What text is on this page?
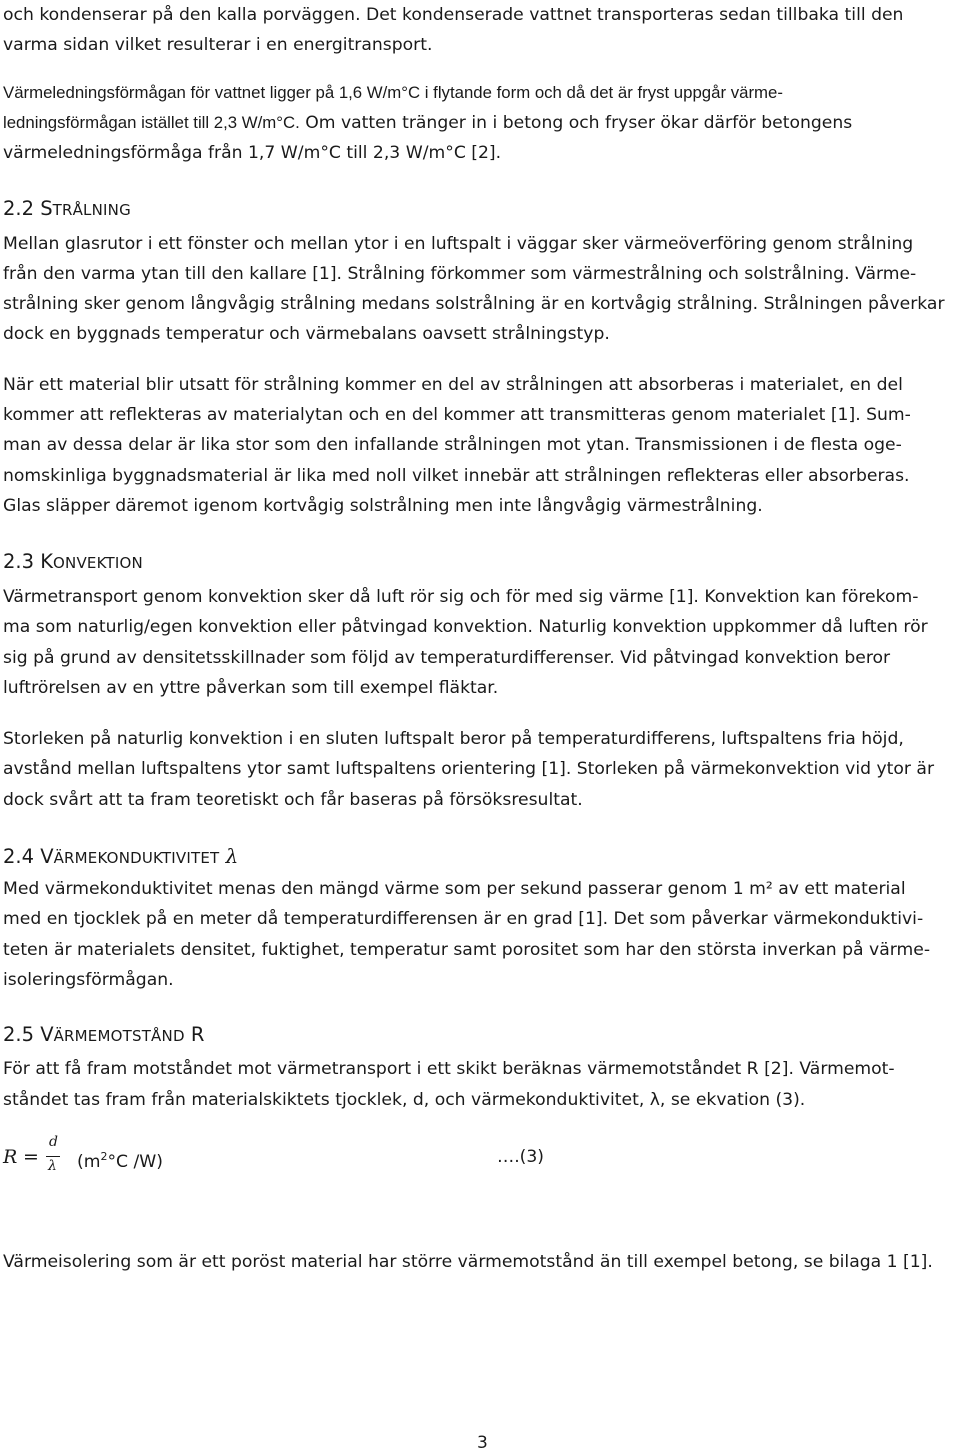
och kondenserar på den kalla porväggen. Det kondenserade vattnet transporteras sedan tillbaka till den
varma sidan vilket resulterar i en energitransport.
Värmeledningsförmågan för vattnet ligger på 1,6 W/m°C i flytande form och då det är fryst uppgår värme-
ledningsförmågan istället till 2,3 W/m°C. Om vatten tränger in i betong och fryser ökar därför betongens
värmeledningsförmåga från 1,7 W/m°C till 2,3 W/m°C [2].
2.2 STRÅLNING
Mellan glasrutor i ett fönster och mellan ytor i en luftspalt i väggar sker värmeöverföring genom strålning
från den varma ytan till den kallare [1]. Strålning förkommer som värmestrålning och solstrålning. Värme-
strålning sker genom långvågig strålning medans solstrålning är en kortvågig strålning. Strålningen påverkar
dock en byggnads temperatur och värmebalans oavsett strålningstyp.
När ett material blir utsatt för strålning kommer en del av strålningen att absorberas i materialet, en del
kommer att reflekteras av materialytan och en del kommer att transmitteras genom materialet [1]. Sum-
man av dessa delar är lika stor som den infallande strålningen mot ytan. Transmissionen i de flesta oge-
nomskinliga byggnadsmaterial är lika med noll vilket innebär att strålningen reflekteras eller absorberas.
Glas släpper däremot igenom kortvågig solstrålning men inte långvågig värmestrålning.
2.3 KONVEKTION
Värmetransport genom konvektion sker då luft rör sig och för med sig värme [1]. Konvektion kan förekom-
ma som naturlig/egen konvektion eller påtvingad konvektion. Naturlig konvektion uppkommer då luften rör
sig på grund av densitetsskillnader som följd av temperaturdifferenser. Vid påtvingad konvektion beror
luftrörelsen av en yttre påverkan som till exempel fläktar.
Storleken på naturlig konvektion i en sluten luftspalt beror på temperaturdifferens, luftspaltens fria höjd,
avstånd mellan luftspaltens ytor samt luftspaltens orientering [1]. Storleken på värmekonvektion vid ytor är
dock svårt att ta fram teoretiskt och får baseras på försöksresultat.
2.4 VÄRMEKONDUKTIVITET λ
Med värmekonduktivitet menas den mängd värme som per sekund passerar genom 1 m² av ett material
med en tjocklek på en meter då temperaturdifferensen är en grad [1]. Det som påverkar värmekonduktivi-
teten är materialets densitet, fuktighet, temperatur samt porositet som har den största inverkan på värme-
isoleringsförmågan.
2.5 VÄRMEMOTSTÅND R
För att få fram motståndet mot värmetransport i ett skikt beräknas värmemotståndet R [2]. Värmemot-
ståndet tas fram från materialskiktets tjocklek, d, och värmekonduktivitet, λ, se ekvation (3).
R =
d
λ ($m^2^\circ C$ /W)	….(3)
Värmeisolering som är ett poröst material har större värmemotstånd än till exempel betong, se bilaga 1 [1].
3
